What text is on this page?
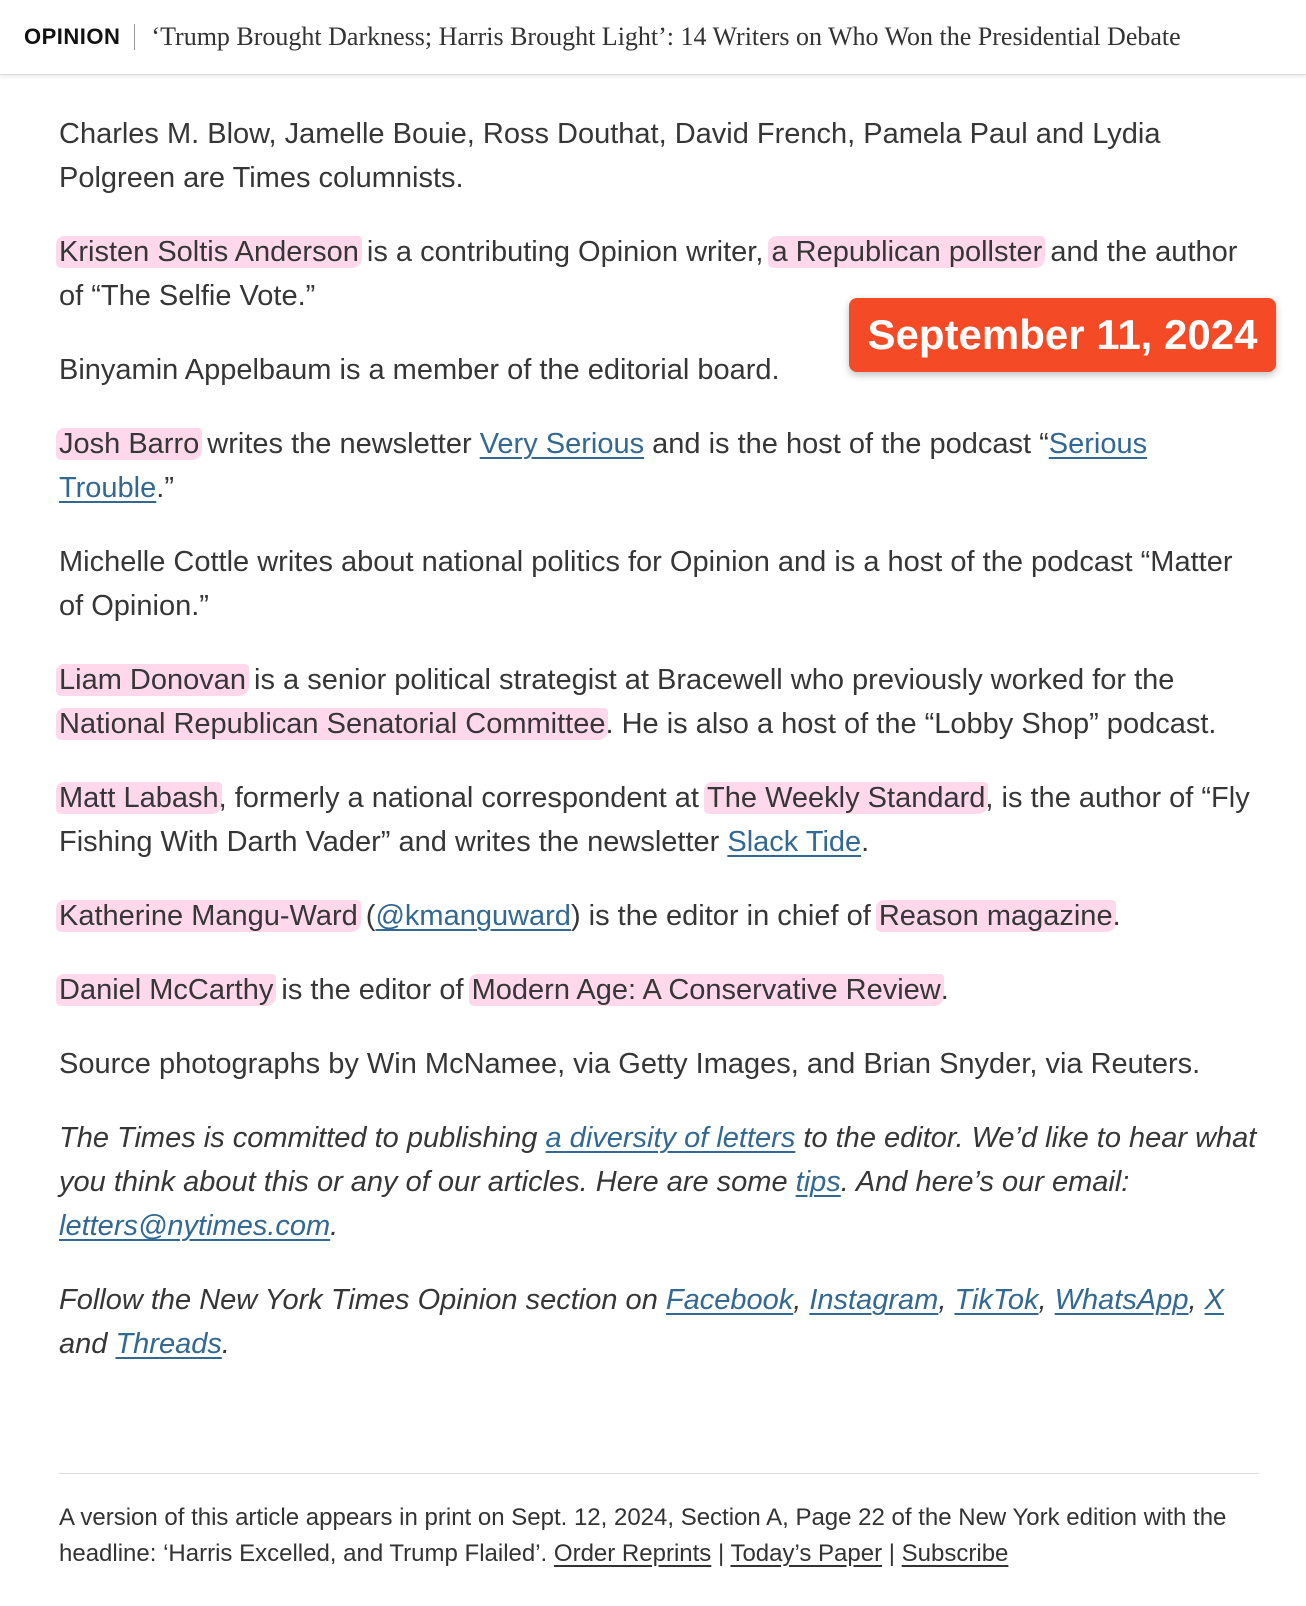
OPINION ‘Trump Brought Darkness; Harris Brought Light’: 14 Writers on Who Won the Presidential Debate

Charles M. Blow, Jamelle Bouie, Ross Douthat, David French, Pamela Paul and Lydia Polgreen are Times columnists.

Kristen Soltis Anderson is a contributing Opinion writer, a Republican pollster and the author of “The Selfie Vote.”

Binyamin Appelbaum is a member of the editorial board.

Josh Barro writes the newsletter Very Serious and is the host of the podcast “Serious Trouble.”

Michelle Cottle writes about national politics for Opinion and is a host of the podcast “Matter of Opinion.”

Liam Donovan is a senior political strategist at Bracewell who previously worked for the National Republican Senatorial Committee. He is also a host of the “Lobby Shop” podcast.

Matt Labash, formerly a national correspondent at The Weekly Standard, is the author of “Fly Fishing With Darth Vader” and writes the newsletter Slack Tide.

Katherine Mangu-Ward (@kmanguward) is the editor in chief of Reason magazine.

Daniel McCarthy is the editor of Modern Age: A Conservative Review.

Source photographs by Win McNamee, via Getty Images, and Brian Snyder, via Reuters.

The Times is committed to publishing a diversity of letters to the editor. We’d like to hear what you think about this or any of our articles. Here are some tips. And here’s our email: letters@nytimes.com.

Follow the New York Times Opinion section on Facebook, Instagram, TikTok, WhatsApp, X and Threads.

September 11, 2024
A version of this article appears in print on Sept. 12, 2024, Section A, Page 22 of the New York edition with the headline: ‘Harris Excelled, and Trump Flailed’. Order Reprints | Today’s Paper | Subscribe
